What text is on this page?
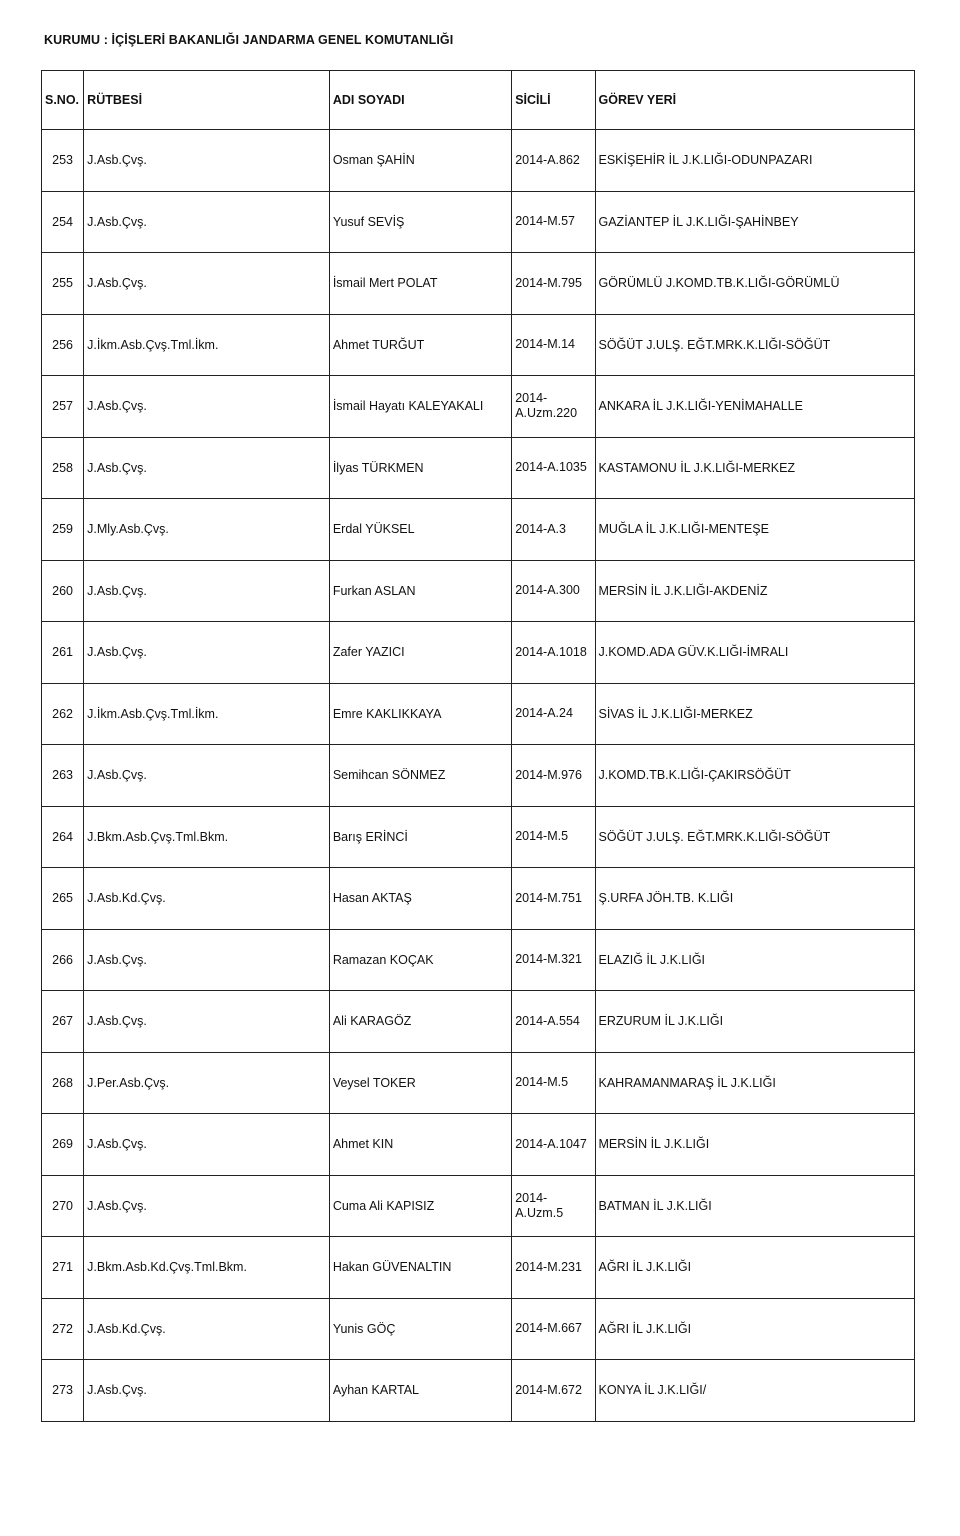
KURUMU : İÇİŞLERİ BAKANLIĞI JANDARMA GENEL KOMUTANLIĞI
S.NO.	RÜTBESİ	ADI SOYADI	SİCİLİ	GÖREV YERİ
253	J.Asb.Çvş.	Osman ŞAHİN	2014-A.862	ESKİŞEHİR İL J.K.LIĞI-ODUNPAZARI
254	J.Asb.Çvş.	Yusuf SEVİŞ	2014-M.57	GAZİANTEP İL J.K.LIĞI-ŞAHİNBEY
255	J.Asb.Çvş.	İsmail Mert POLAT	2014-M.795	GÖRÜMLÜ J.KOMD.TB.K.LIĞI-GÖRÜMLÜ
256	J.İkm.Asb.Çvş.Tml.İkm.	Ahmet TURĞUT	2014-M.14	SÖĞÜT J.ULŞ. EĞT.MRK.K.LIĞI-SÖĞÜT
257	J.Asb.Çvş.	İsmail Hayatı KALEYAKALI	2014-A.Uzm.220	ANKARA İL J.K.LIĞI-YENİMAHALLE
258	J.Asb.Çvş.	İlyas TÜRKMEN	2014-A.1035	KASTAMONU İL J.K.LIĞI-MERKEZ
259	J.Mly.Asb.Çvş.	Erdal YÜKSEL	2014-A.3	MUĞLA İL J.K.LIĞI-MENTEŞE
260	J.Asb.Çvş.	Furkan ASLAN	2014-A.300	MERSİN İL J.K.LIĞI-AKDENİZ
261	J.Asb.Çvş.	Zafer YAZICI	2014-A.1018	J.KOMD.ADA GÜV.K.LIĞI-İMRALI
262	J.İkm.Asb.Çvş.Tml.İkm.	Emre KAKLIKKAYA	2014-A.24	SİVAS İL J.K.LIĞI-MERKEZ
263	J.Asb.Çvş.	Semihcan SÖNMEZ	2014-M.976	J.KOMD.TB.K.LIĞI-ÇAKIRSÖĞÜT
264	J.Bkm.Asb.Çvş.Tml.Bkm.	Barış ERİNCİ	2014-M.5	SÖĞÜT J.ULŞ. EĞT.MRK.K.LIĞI-SÖĞÜT
265	J.Asb.Kd.Çvş.	Hasan AKTAŞ	2014-M.751	Ş.URFA JÖH.TB. K.LIĞI
266	J.Asb.Çvş.	Ramazan KOÇAK	2014-M.321	ELAZIĞ İL J.K.LIĞI
267	J.Asb.Çvş.	Ali KARAGÖZ	2014-A.554	ERZURUM İL J.K.LIĞI
268	J.Per.Asb.Çvş.	Veysel TOKER	2014-M.5	KAHRAMANMARAŞ İL J.K.LIĞI
269	J.Asb.Çvş.	Ahmet KIN	2014-A.1047	MERSİN İL J.K.LIĞI
270	J.Asb.Çvş.	Cuma Ali KAPISIZ	2014-A.Uzm.5	BATMAN İL J.K.LIĞI
271	J.Bkm.Asb.Kd.Çvş.Tml.Bkm.	Hakan GÜVENALTIN	2014-M.231	AĞRI İL J.K.LIĞI
272	J.Asb.Kd.Çvş.	Yunis GÖÇ	2014-M.667	AĞRI İL J.K.LIĞI
273	J.Asb.Çvş.	Ayhan KARTAL	2014-M.672	KONYA İL J.K.LIĞI/
